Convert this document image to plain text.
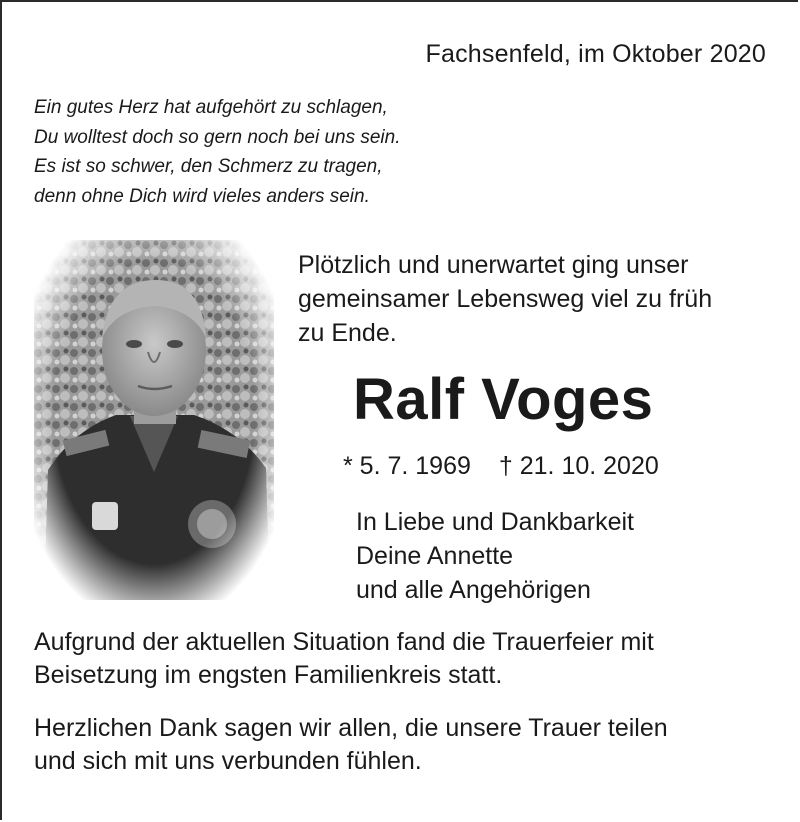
Fachsenfeld, im Oktober 2020
Ein gutes Herz hat aufgehört zu schlagen,
Du wolltest doch so gern noch bei uns sein.
Es ist so schwer, den Schmerz zu tragen,
denn ohne Dich wird vieles anders sein.
Plötzlich und unerwartet ging unser
gemeinsamer Lebensweg viel zu früh
zu Ende.
Ralf Voges
* 5. 7. 1969 † 21. 10. 2020
In Liebe und Dankbarkeit
Deine Annette
und alle Angehörigen
Aufgrund der aktuellen Situation fand die Trauerfeier mit
Beisetzung im engsten Familienkreis statt.
Herzlichen Dank sagen wir allen, die unsere Trauer teilen
und sich mit uns verbunden fühlen.
